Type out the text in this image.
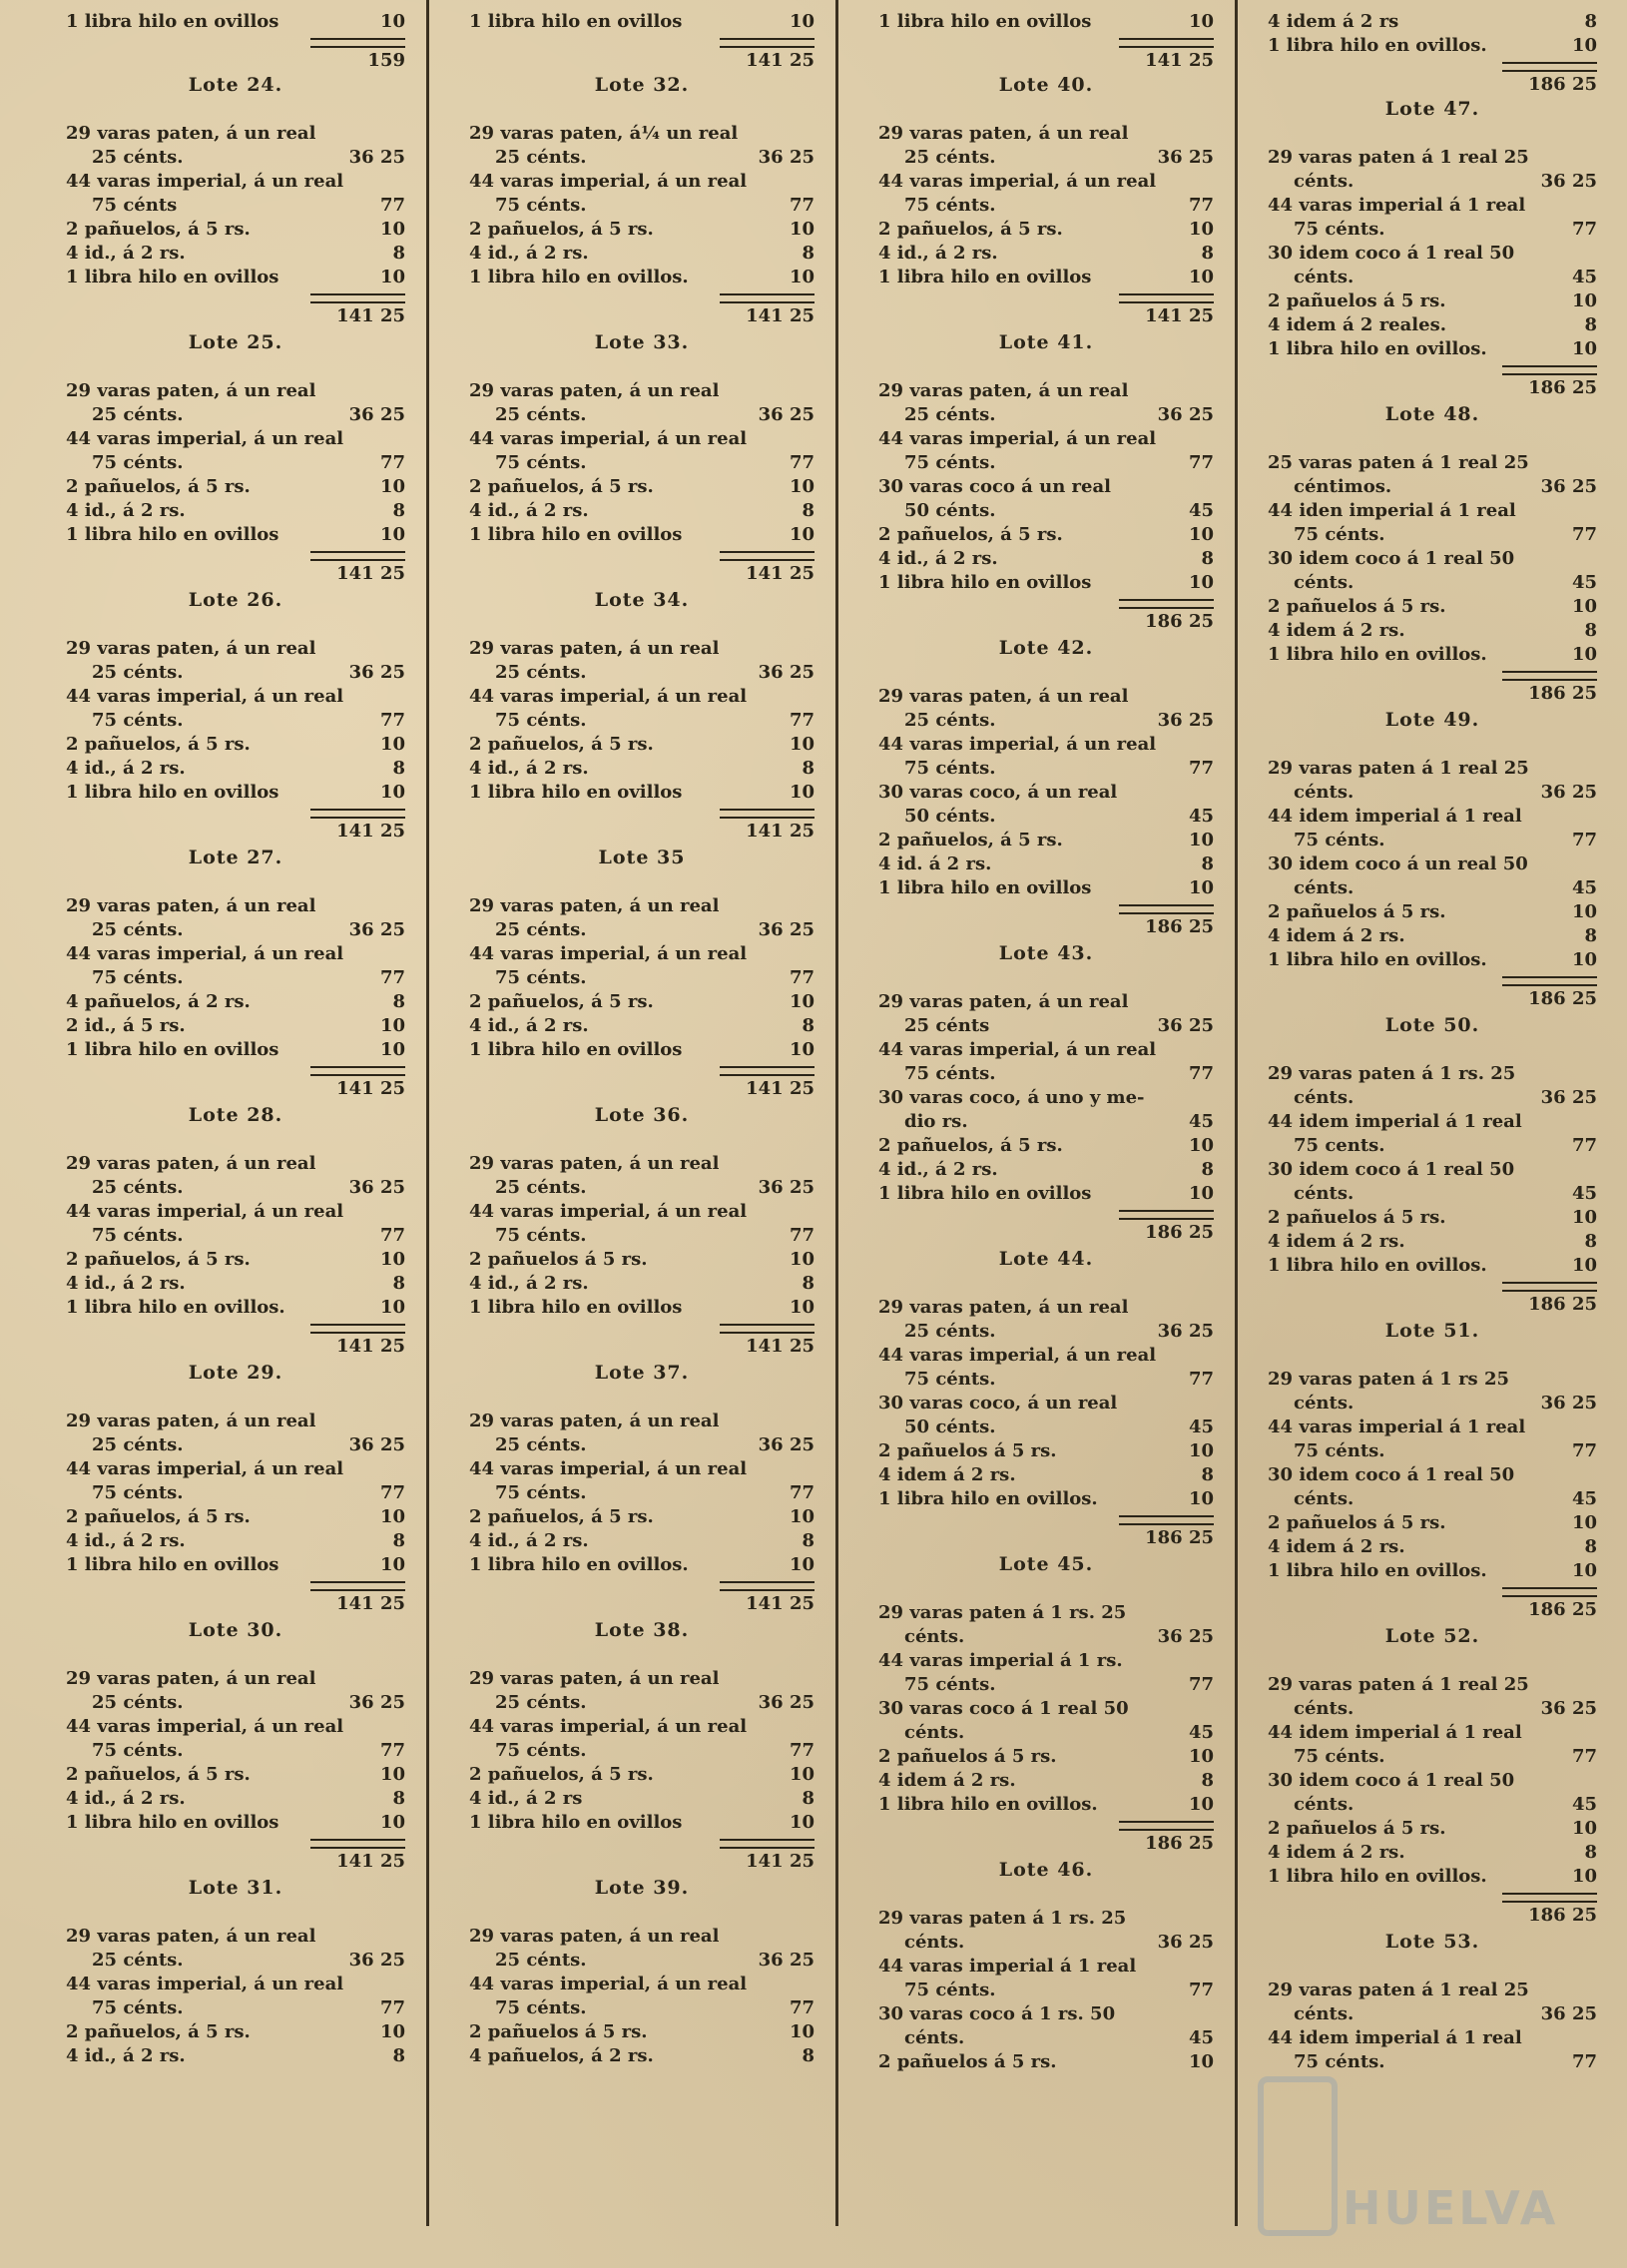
1 libra hilo en ovillos	10
159
Lote 24.
29 varas paten, á un real
25 cénts.	36 25
44 varas imperial, á un real
75 cénts	77
2 pañuelos, á 5 rs.	10
4 id., á 2 rs.	8
1 libra hilo en ovillos	10
141 25
Lote 25.
29 varas paten, á un real
25 cénts.	36 25
44 varas imperial, á un real
75 cénts.	77
2 pañuelos, á 5 rs.	10
4 id., á 2 rs.	8
1 libra hilo en ovillos	10
141 25
Lote 26.
29 varas paten, á un real
25 cénts.	36 25
44 varas imperial, á un real
75 cénts.	77
2 pañuelos, á 5 rs.	10
4 id., á 2 rs.	8
1 libra hilo en ovillos	10
141 25
Lote 27.
29 varas paten, á un real
25 cénts.	36 25
44 varas imperial, á un real
75 cénts.	77
4 pañuelos, á 2 rs.	8
2 id., á 5 rs.	10
1 libra hilo en ovillos	10
141 25
Lote 28.
29 varas paten, á un real
25 cénts.	36 25
44 varas imperial, á un real
75 cénts.	77
2 pañuelos, á 5 rs.	10
4 id., á 2 rs.	8
1 libra hilo en ovillos.	10
141 25
Lote 29.
29 varas paten, á un real
25 cénts.	36 25
44 varas imperial, á un real
75 cénts.	77
2 pañuelos, á 5 rs.	10
4 id., á 2 rs.	8
1 libra hilo en ovillos	10
141 25
Lote 30.
29 varas paten, á un real
25 cénts.	36 25
44 varas imperial, á un real
75 cénts.	77
2 pañuelos, á 5 rs.	10
4 id., á 2 rs.	8
1 libra hilo en ovillos	10
141 25
Lote 31.
29 varas paten, á un real
25 cénts.	36 25
44 varas imperial, á un real
75 cénts.	77
2 pañuelos, á 5 rs.	10
4 id., á 2 rs.	8
1 libra hilo en ovillos	10
141 25
Lote 32.
29 varas paten, á¼ un real
25 cénts.	36 25
44 varas imperial, á un real
75 cénts.	77
2 pañuelos, á 5 rs.	10
4 id., á 2 rs.	8
1 libra hilo en ovillos.	10
141 25
Lote 33.
29 varas paten, á un real
25 cénts.	36 25
44 varas imperial, á un real
75 cénts.	77
2 pañuelos, á 5 rs.	10
4 id., á 2 rs.	8
1 libra hilo en ovillos	10
141 25
Lote 34.
29 varas paten, á un real
25 cénts.	36 25
44 varas imperial, á un real
75 cénts.	77
2 pañuelos, á 5 rs.	10
4 id., á 2 rs.	8
1 libra hilo en ovillos	10
141 25
Lote 35
29 varas paten, á un real
25 cénts.	36 25
44 varas imperial, á un real
75 cénts.	77
2 pañuelos, á 5 rs.	10
4 id., á 2 rs.	8
1 libra hilo en ovillos	10
141 25
Lote 36.
29 varas paten, á un real
25 cénts.	36 25
44 varas imperial, á un real
75 cénts.	77
2 pañuelos á 5 rs.	10
4 id., á 2 rs.	8
1 libra hilo en ovillos	10
141 25
Lote 37.
29 varas paten, á un real
25 cénts.	36 25
44 varas imperial, á un real
75 cénts.	77
2 pañuelos, á 5 rs.	10
4 id., á 2 rs.	8
1 libra hilo en ovillos.	10
141 25
Lote 38.
29 varas paten, á un real
25 cénts.	36 25
44 varas imperial, á un real
75 cénts.	77
2 pañuelos, á 5 rs.	10
4 id., á 2 rs	8
1 libra hilo en ovillos	10
141 25
Lote 39.
29 varas paten, á un real
25 cénts.	36 25
44 varas imperial, á un real
75 cénts.	77
2 pañuelos á 5 rs.	10
4 pañuelos, á 2 rs.	8
1 libra hilo en ovillos	10
141 25
Lote 40.
29 varas paten, á un real
25 cénts.	36 25
44 varas imperial, á un real
75 cénts.	77
2 pañuelos, á 5 rs.	10
4 id., á 2 rs.	8
1 libra hilo en ovillos	10
141 25
Lote 41.
29 varas paten, á un real
25 cénts.	36 25
44 varas imperial, á un real
75 cénts.	77
30 varas coco á un real
50 cénts.	45
2 pañuelos, á 5 rs.	10
4 id., á 2 rs.	8
1 libra hilo en ovillos	10
186 25
Lote 42.
29 varas paten, á un real
25 cénts.	36 25
44 varas imperial, á un real
75 cénts.	77
30 varas coco, á un real
50 cénts.	45
2 pañuelos, á 5 rs.	10
4 id. á 2 rs.	8
1 libra hilo en ovillos	10
186 25
Lote 43.
29 varas paten, á un real
25 cénts	36 25
44 varas imperial, á un real
75 cénts.	77
30 varas coco, á uno y me-
dio rs.	45
2 pañuelos, á 5 rs.	10
4 id., á 2 rs.	8
1 libra hilo en ovillos	10
186 25
Lote 44.
29 varas paten, á un real
25 cénts.	36 25
44 varas imperial, á un real
75 cénts.	77
30 varas coco, á un real
50 cénts.	45
2 pañuelos á 5 rs.	10
4 idem á 2 rs.	8
1 libra hilo en ovillos.	10
186 25
Lote 45.
29 varas paten á 1 rs. 25
cénts.	36 25
44 varas imperial á 1 rs.
75 cénts.	77
30 varas coco á 1 real 50
cénts.	45
2 pañuelos á 5 rs.	10
4 idem á 2 rs.	8
1 libra hilo en ovillos.	10
186 25
Lote 46.
29 varas paten á 1 rs. 25
cénts.	36 25
44 varas imperial á 1 real
75 cénts.	77
30 varas coco á 1 rs. 50
cénts.	45
2 pañuelos á 5 rs.	10
4 idem á 2 rs	8
1 libra hilo en ovillos.	10
186 25
Lote 47.
29 varas paten á 1 real 25
cénts.	36 25
44 varas imperial á 1 real
75 cénts.	77
30 idem coco á 1 real 50
cénts.	45
2 pañuelos á 5 rs.	10
4 idem á 2 reales.	8
1 libra hilo en ovillos.	10
186 25
Lote 48.
25 varas paten á 1 real 25
céntimos.	36 25
44 iden imperial á 1 real
75 cénts.	77
30 idem coco á 1 real 50
cénts.	45
2 pañuelos á 5 rs.	10
4 idem á 2 rs.	8
1 libra hilo en ovillos.	10
186 25
Lote 49.
29 varas paten á 1 real 25
cénts.	36 25
44 idem imperial á 1 real
75 cénts.	77
30 idem coco á un real 50
cénts.	45
2 pañuelos á 5 rs.	10
4 idem á 2 rs.	8
1 libra hilo en ovillos.	10
186 25
Lote 50.
29 varas paten á 1 rs. 25
cénts.	36 25
44 idem imperial á 1 real
75 cents.	77
30 idem coco á 1 real 50
cénts.	45
2 pañuelos á 5 rs.	10
4 idem á 2 rs.	8
1 libra hilo en ovillos.	10
186 25
Lote 51.
29 varas paten á 1 rs 25
cénts.	36 25
44 varas imperial á 1 real
75 cénts.	77
30 idem coco á 1 real 50
cénts.	45
2 pañuelos á 5 rs.	10
4 idem á 2 rs.	8
1 libra hilo en ovillos.	10
186 25
Lote 52.
29 varas paten á 1 real 25
cénts.	36 25
44 idem imperial á 1 real
75 cénts.	77
30 idem coco á 1 real 50
cénts.	45
2 pañuelos á 5 rs.	10
4 idem á 2 rs.	8
1 libra hilo en ovillos.	10
186 25
Lote 53.
29 varas paten á 1 real 25
cénts.	36 25
44 idem imperial á 1 real
75 cénts.	77
HUELVA
